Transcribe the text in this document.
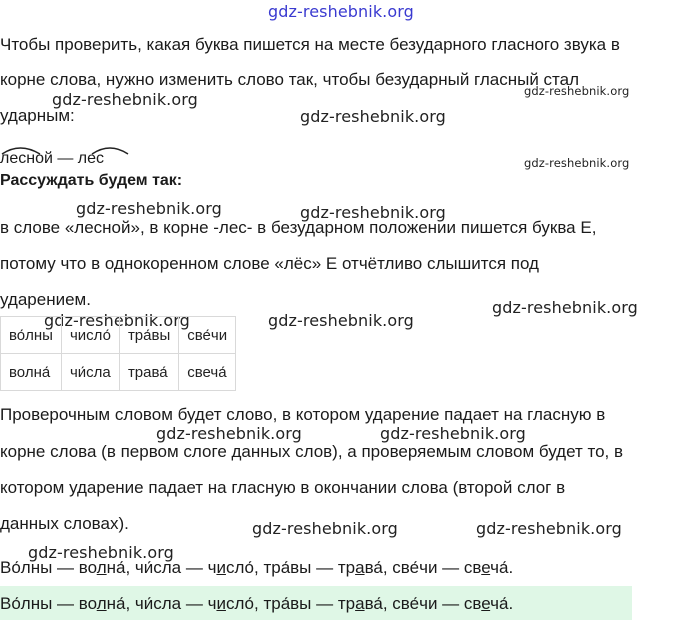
gdz-reshebnik.org
gdz-reshebnik.org	gdz-reshebnik.org
gdz-reshebnik.org
gdz-reshebnik.org
gdz-reshebnik.org	gdz-reshebnik.org
gdz-reshebnik.org
gdz-reshebnik.org	gdz-reshebnik.org
gdz-reshebnik.org	gdz-reshebnik.org
gdz-reshebnik.org	gdz-reshebnik.org
gdz-reshebnik.org
Чтобы проверить, какая буква пишется на месте безударного гласного звука в
корне слова, нужно изменить слово так, чтобы безударный гласный стал
ударным:
лесной — лес
Рассуждать будем так:
в слове «лесной», в корне -лес- в безударном положении пишется буква Е,
потому что в однокоренном слове «лёс» Е отчётливо слышится под
ударением.
во́лны	число́	тра́вы	све́чи
волна́	чи́сла	трава́	свеча́
Проверочным словом будет слово, в котором ударение падает на гласную в
корне слова (в первом слоге данных слов), а проверяемым словом будет то, в
котором ударение падает на гласную в окончании слова (второй слог в
данных словах).
Во́лны — волна́, чи́сла — число́, тра́вы — трава́, све́чи — свеча́.
Во́лны — волна́, чи́сла — число́, тра́вы — трава́, све́чи — свеча́.
